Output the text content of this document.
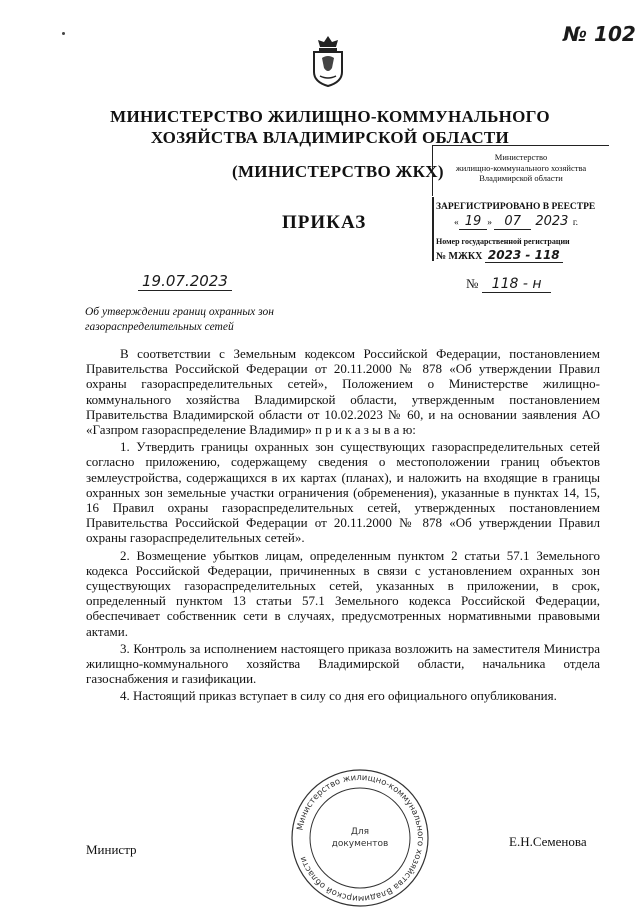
№ 102
МИНИСТЕРСТВО ЖИЛИЩНО-КОММУНАЛЬНОГО
ХОЗЯЙСТВА ВЛАДИМИРСКОЙ ОБЛАСТИ
(МИНИСТЕРСТВО ЖКХ)
ПРИКАЗ
Министерство
жилищно-коммунального хозяйства
Владимирской области
ЗАРЕГИСТРИРОВАНО В РЕЕСТРЕ
« 19 » 07 2023 г.
Номер государственной регистрации
№ МЖКХ 2023 - 118
19.07.2023	№ 118 - н
Об утверждении границ охранных зон газораспределительных сетей

В соответствии с Земельным кодексом Российской Федерации, постановлением Правительства Российской Федерации от 20.11.2000 № 878 «Об утверждении Правил охраны газораспределительных сетей», Положением о Министерстве жилищно-коммунального хозяйства Владимирской области, утвержденным постановлением Правительства Владимирской области от 10.02.2023 № 60, и на основании заявления АО «Газпром газораспределение Владимир» п р и к а з ы в а ю:

1. Утвердить границы охранных зон существующих газораспределительных сетей согласно приложению, содержащему сведения о местоположении границ объектов землеустройства, содержащихся в их картах (планах), и наложить на входящие в границы охранных зон земельные участки ограничения (обременения), указанные в пунктах 14, 15, 16 Правил охраны газораспределительных сетей, утвержденных постановлением Правительства Российской Федерации от 20.11.2000 № 878 «Об утверждении Правил охраны газораспределительных сетей».

2. Возмещение убытков лицам, определенным пунктом 2 статьи 57.1 Земельного кодекса Российской Федерации, причиненных в связи с установлением охранных зон существующих газораспределительных сетей, указанных в приложении, в срок, определенный пунктом 13 статьи 57.1 Земельного кодекса Российской Федерации, обеспечивает собственник сети в случаях, предусмотренных нормативными правовыми актами.

3. Контроль за исполнением настоящего приказа возложить на заместителя Министра жилищно-коммунального хозяйства Владимирской области, начальника отдела газоснабжения и газификации.

4. Настоящий приказ вступает в силу со дня его официального опубликования.

Министерство жилищно-коммунального хозяйства Владимирской области
Для
документов
Министр
Е.Н.Семенова
